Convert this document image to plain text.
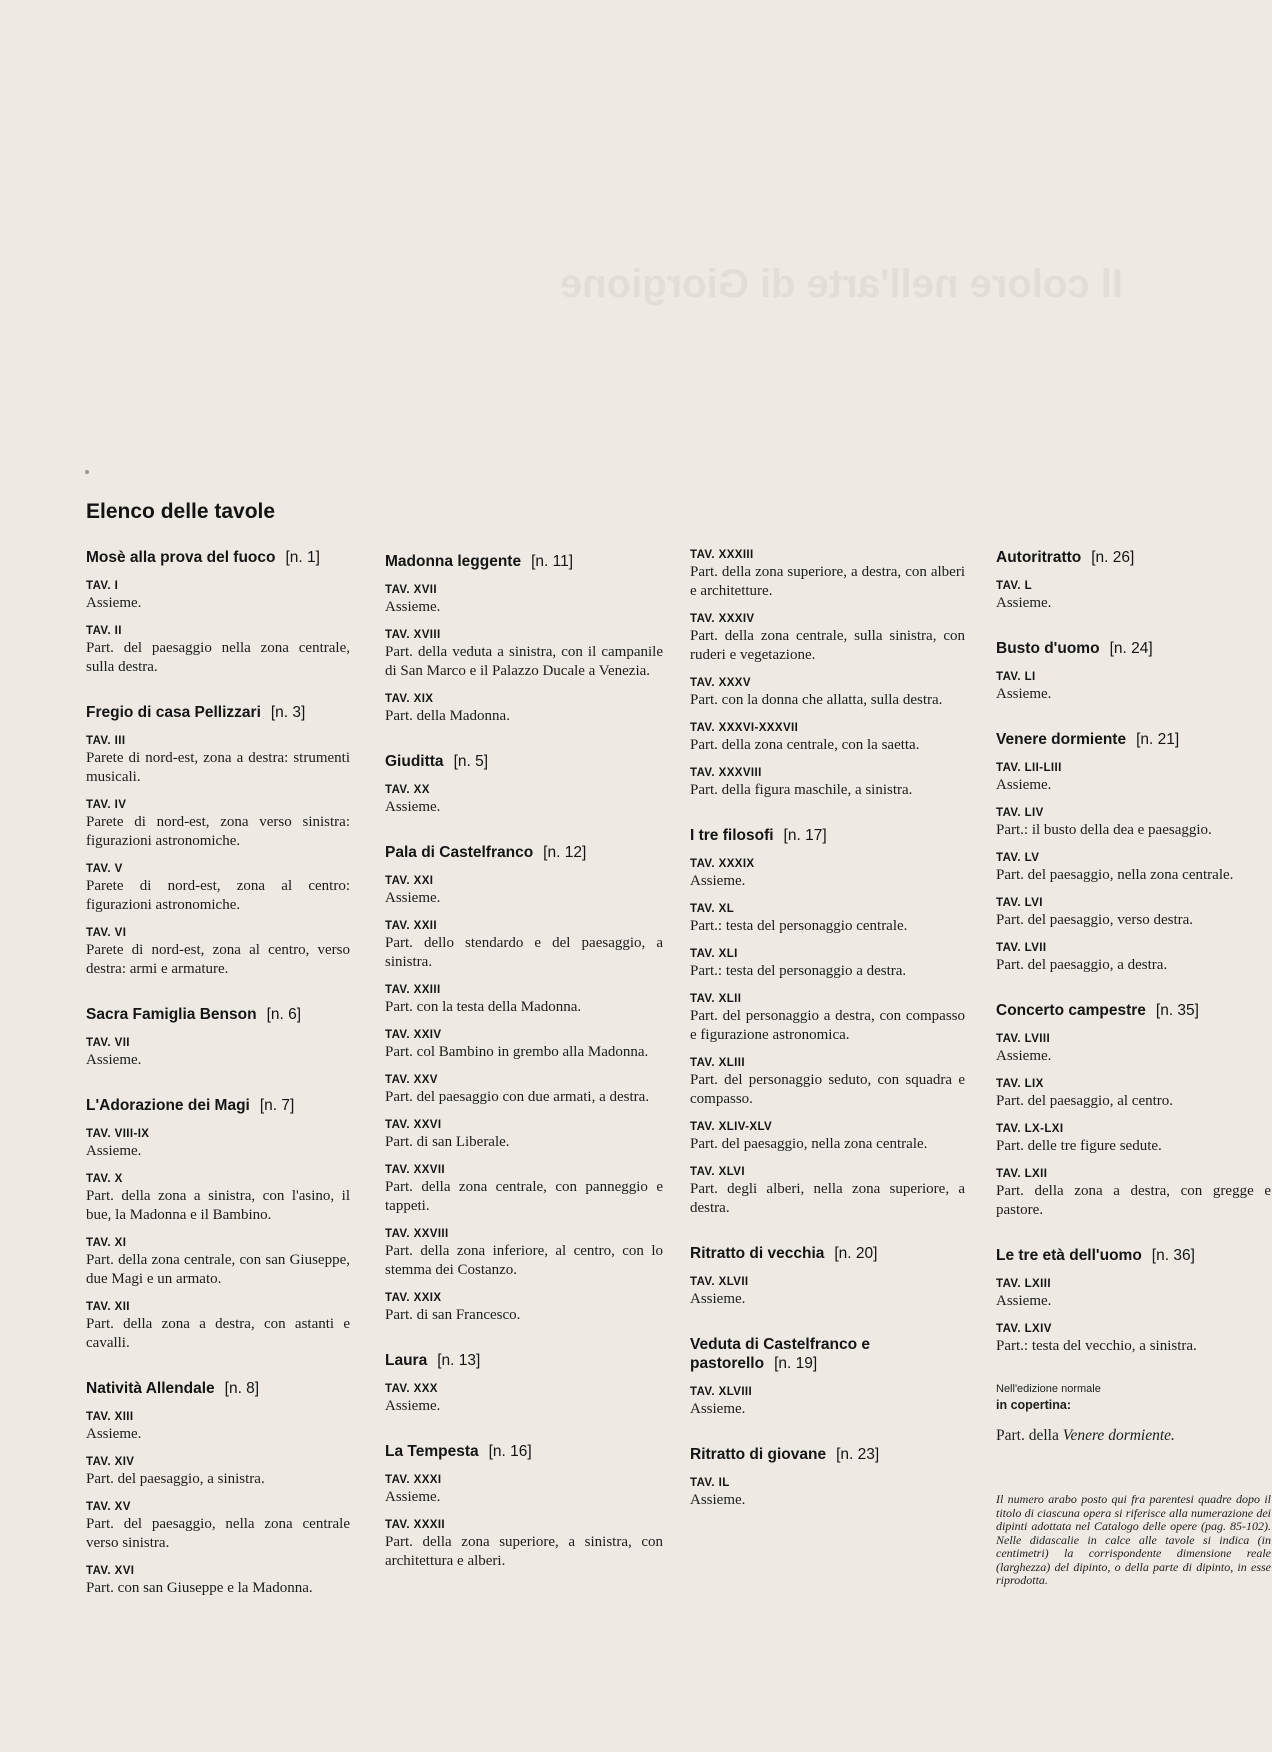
Il colore nell'arte di Giorgione
Elenco delle tavole
Mosè alla prova del fuoco [n. 1]
TAV. I
Assieme.
TAV. II
Part. del paesaggio nella zona centrale, sulla destra.
Fregio di casa Pellizzari [n. 3]
TAV. III
Parete di nord-est, zona a destra: strumenti musicali.
TAV. IV
Parete di nord-est, zona verso sinistra: figurazioni astronomiche.
TAV. V
Parete di nord-est, zona al centro: figurazioni astronomiche.
TAV. VI
Parete di nord-est, zona al centro, verso destra: armi e armature.
Sacra Famiglia Benson [n. 6]
TAV. VII
Assieme.
L'Adorazione dei Magi [n. 7]
TAV. VIII-IX
Assieme.
TAV. X
Part. della zona a sinistra, con l'asino, il bue, la Madonna e il Bambino.
TAV. XI
Part. della zona centrale, con san Giuseppe, due Magi e un armato.
TAV. XII
Part. della zona a destra, con astanti e cavalli.
Natività Allendale [n. 8]
TAV. XIII
Assieme.
TAV. XIV
Part. del paesaggio, a sinistra.
TAV. XV
Part. del paesaggio, nella zona centrale verso sinistra.
TAV. XVI
Part. con san Giuseppe e la Madonna.
Madonna leggente [n. 11]
TAV. XVII
Assieme.
TAV. XVIII
Part. della veduta a sinistra, con il campanile di San Marco e il Palazzo Ducale a Venezia.
TAV. XIX
Part. della Madonna.
Giuditta [n. 5]
TAV. XX
Assieme.
Pala di Castelfranco [n. 12]
TAV. XXI
Assieme.
TAV. XXII
Part. dello stendardo e del paesaggio, a sinistra.
TAV. XXIII
Part. con la testa della Madonna.
TAV. XXIV
Part. col Bambino in grembo alla Madonna.
TAV. XXV
Part. del paesaggio con due armati, a destra.
TAV. XXVI
Part. di san Liberale.
TAV. XXVII
Part. della zona centrale, con panneggio e tappeti.
TAV. XXVIII
Part. della zona inferiore, al centro, con lo stemma dei Costanzo.
TAV. XXIX
Part. di san Francesco.
Laura [n. 13]
TAV. XXX
Assieme.
La Tempesta [n. 16]
TAV. XXXI
Assieme.
TAV. XXXII
Part. della zona superiore, a sinistra, con architettura e alberi.
TAV. XXXIII
Part. della zona superiore, a destra, con alberi e architetture.
TAV. XXXIV
Part. della zona centrale, sulla sinistra, con ruderi e vegetazione.
TAV. XXXV
Part. con la donna che allatta, sulla destra.
TAV. XXXVI-XXXVII
Part. della zona centrale, con la saetta.
TAV. XXXVIII
Part. della figura maschile, a sinistra.
I tre filosofi [n. 17]
TAV. XXXIX
Assieme.
TAV. XL
Part.: testa del personaggio centrale.
TAV. XLI
Part.: testa del personaggio a destra.
TAV. XLII
Part. del personaggio a destra, con compasso e figurazione astronomica.
TAV. XLIII
Part. del personaggio seduto, con squadra e compasso.
TAV. XLIV-XLV
Part. del paesaggio, nella zona centrale.
TAV. XLVI
Part. degli alberi, nella zona superiore, a destra.
Ritratto di vecchia [n. 20]
TAV. XLVII
Assieme.
Veduta di Castelfranco e pastorello [n. 19]
TAV. XLVIII
Assieme.
Ritratto di giovane [n. 23]
TAV. IL
Assieme.
Autoritratto [n. 26]
TAV. L
Assieme.
Busto d'uomo [n. 24]
TAV. LI
Assieme.
Venere dormiente [n. 21]
TAV. LII-LIII
Assieme.
TAV. LIV
Part.: il busto della dea e paesaggio.
TAV. LV
Part. del paesaggio, nella zona centrale.
TAV. LVI
Part. del paesaggio, verso destra.
TAV. LVII
Part. del paesaggio, a destra.
Concerto campestre [n. 35]
TAV. LVIII
Assieme.
TAV. LIX
Part. del paesaggio, al centro.
TAV. LX-LXI
Part. delle tre figure sedute.
TAV. LXII
Part. della zona a destra, con gregge e pastore.
Le tre età dell'uomo [n. 36]
TAV. LXIII
Assieme.
TAV. LXIV
Part.: testa del vecchio, a sinistra.
Nell'edizione normale
in copertina:
Part. della Venere dormiente.
Il numero arabo posto qui fra parentesi quadre dopo il titolo di ciascuna opera si riferisce alla numerazione dei dipinti adottata nel Catalogo delle opere (pag. 85-102). Nelle didascalie in calce alle tavole si indica (in centimetri) la corrispondente dimensione reale (larghezza) del dipinto, o della parte di dipinto, in esse riprodotta.
